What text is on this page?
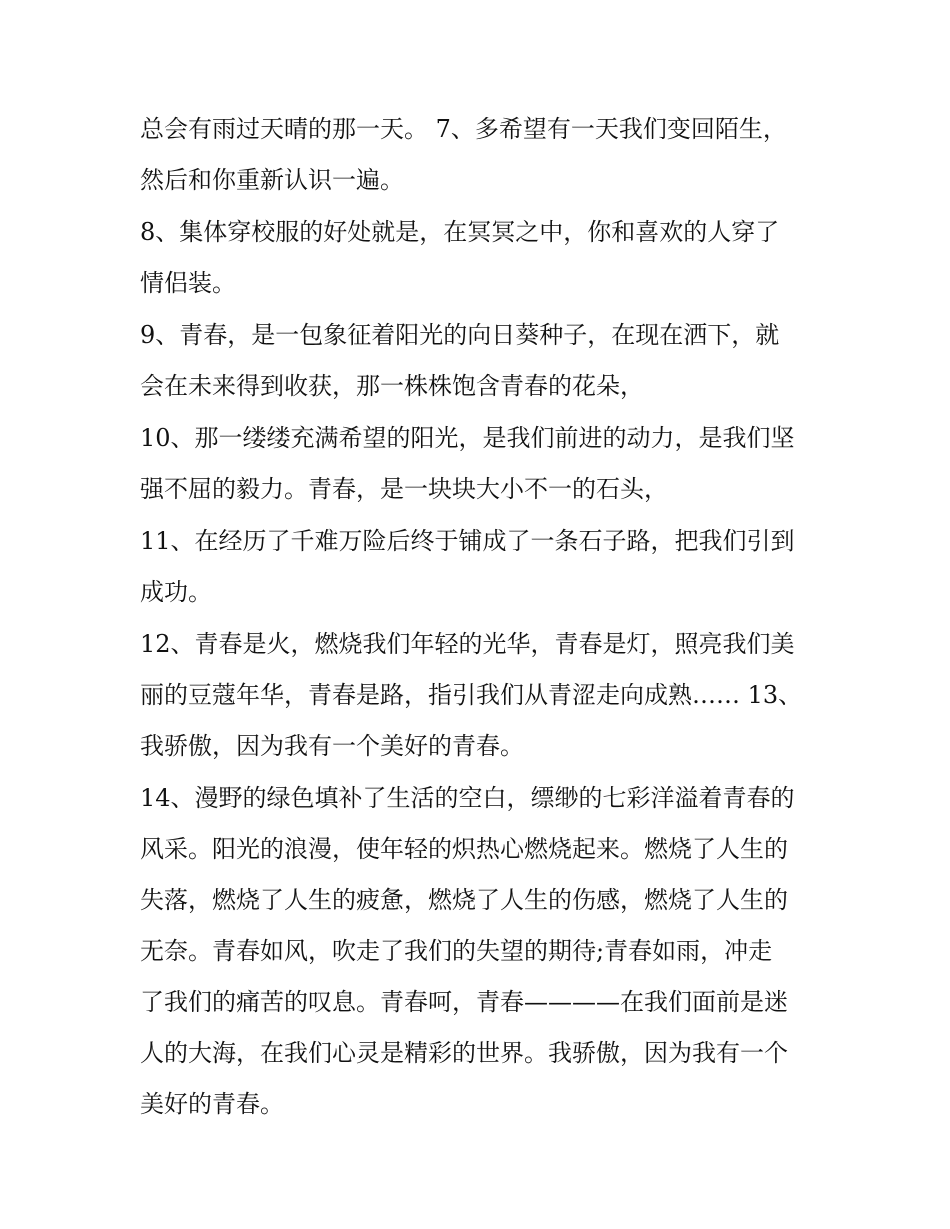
总会有雨过天晴的那一天。 7、多希望有一天我们变回陌生，
然后和你重新认识一遍。
8、集体穿校服的好处就是，在冥冥之中，你和喜欢的人穿了
情侣装。
9、青春，是一包象征着阳光的向日葵种子，在现在洒下，就
会在未来得到收获，那一株株饱含青春的花朵，
10、那一缕缕充满希望的阳光，是我们前进的动力，是我们坚
强不屈的毅力。青春，是一块块大小不一的石头，
11、在经历了千难万险后终于铺成了一条石子路，把我们引到
成功。
12、青春是火，燃烧我们年轻的光华，青春是灯，照亮我们美
丽的豆蔻年华，青春是路，指引我们从青涩走向成熟…… 13、
我骄傲，因为我有一个美好的青春。
14、漫野的绿色填补了生活的空白，缥缈的七彩洋溢着青春的
风采。阳光的浪漫，使年轻的炽热心燃烧起来。燃烧了人生的
失落，燃烧了人生的疲惫，燃烧了人生的伤感，燃烧了人生的
无奈。青春如风，吹走了我们的失望的期待;青春如雨，冲走
了我们的痛苦的叹息。青春呵，青春————在我们面前是迷
人的大海，在我们心灵是精彩的世界。我骄傲，因为我有一个
美好的青春。
